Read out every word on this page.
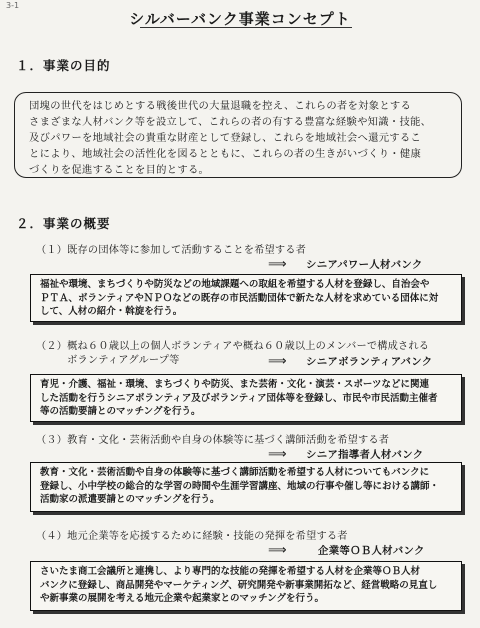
3-1
シルバーバンク事業コンセプト
１．事業の目的
団塊の世代をはじめとする戦後世代の大量退職を控え、これらの者を対象とする
さまざまな人材バンク等を設立して、これらの者の有する豊富な経験や知識・技能、
及びパワーを地域社会の貴重な財産として登録し、これらを地域社会へ還元するこ
とにより、地域社会の活性化を図るとともに、これらの者の生きがいづくり・健康
づくりを促進することを目的とする。
２．事業の概要
（１）既存の団体等に参加して活動することを希望する者
⟹ シニアパワー人材バンク
福祉や環境、まちづくりや防災などの地域課題への取組を希望する人材を登録し、自治会や
ＰＴＡ、ボランティアやＮＰＯなどの既存の市民活動団体で新たな人材を求めている団体に対
して、人材の紹介・斡旋を行う。
（２）概ね６０歳以上の個人ボランティアや概ね６０歳以上のメンバーで構成される
　　　ボランティアグループ等	⟹ シニアボランティアバンク
育児・介護、福祉・環境、まちづくりや防災、また芸術・文化・演芸・スポーツなどに関連
した活動を行うシニアボランティア及びボランティア団体等を登録し、市民や市民活動主催者
等の活動要請とのマッチングを行う。
（３）教育・文化・芸術活動や自身の体験等に基づく講師活動を希望する者
⟹ シニア指導者人材バンク
教育・文化・芸術活動や自身の体験等に基づく講師活動を希望する人材についてもバンクに
登録し、小中学校の総合的な学習の時間や生涯学習講座、地域の行事や催し等における講師・
活動家の派遣要請とのマッチングを行う。
（４）地元企業等を応援するために経験・技能の発揮を希望する者
⟹	企業等ＯＢ人材バンク
さいたま商工会議所と連携し、より専門的な技能の発揮を希望する人材を企業等ＯＢ人材
バンクに登録し、商品開発やマーケティング、研究開発や新事業開拓など、経営戦略の見直し
や新事業の展開を考える地元企業や起業家とのマッチングを行う。
